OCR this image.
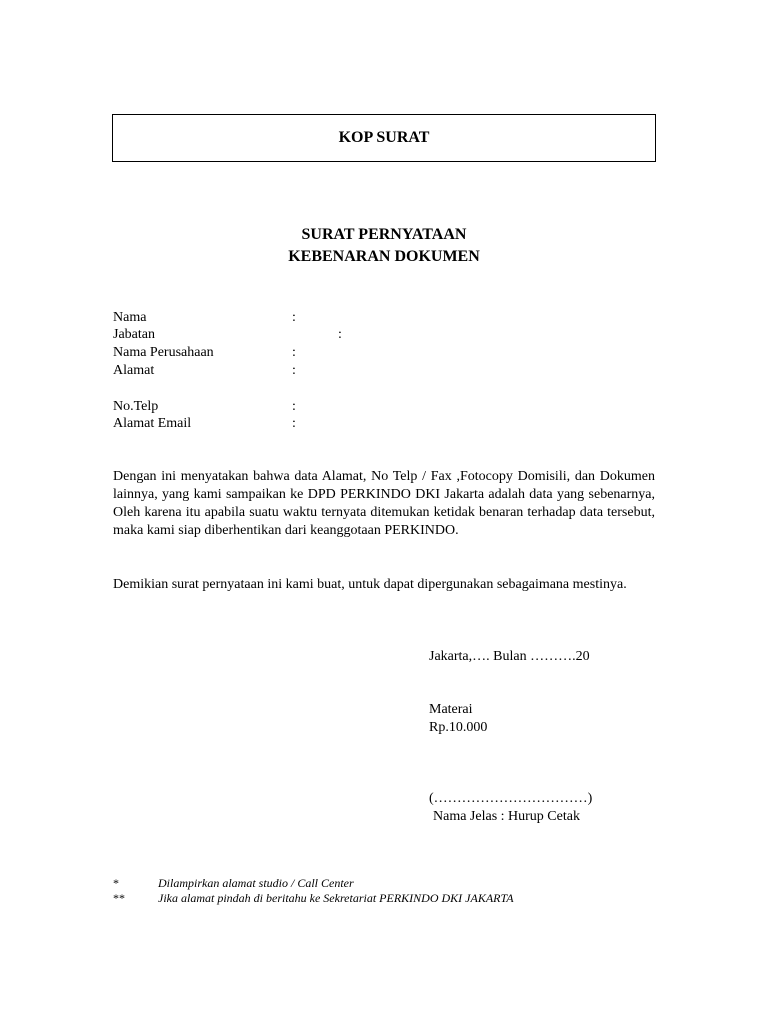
KOP SURAT
SURAT PERNYATAAN
KEBENARAN DOKUMEN
Nama	:
Jabatan	:
Nama Perusahaan	:
Alamat	:
No.Telp	:
Alamat Email	:
Dengan ini menyatakan bahwa data Alamat, No Telp / Fax ,Fotocopy Domisili, dan Dokumen lainnya, yang kami sampaikan ke DPD PERKINDO DKI Jakarta adalah data yang sebenarnya, Oleh karena itu apabila suatu waktu ternyata ditemukan ketidak benaran terhadap data tersebut, maka kami siap diberhentikan dari keanggotaan PERKINDO.
Demikian surat pernyataan ini kami buat, untuk dapat dipergunakan sebagaimana mestinya.
Jakarta,…. Bulan ……….20
Materai
Rp.10.000
(……………………………)
Nama Jelas : Hurup Cetak
*	Dilampirkan alamat studio / Call Center
**	Jika alamat pindah di beritahu ke Sekretariat PERKINDO DKI JAKARTA
